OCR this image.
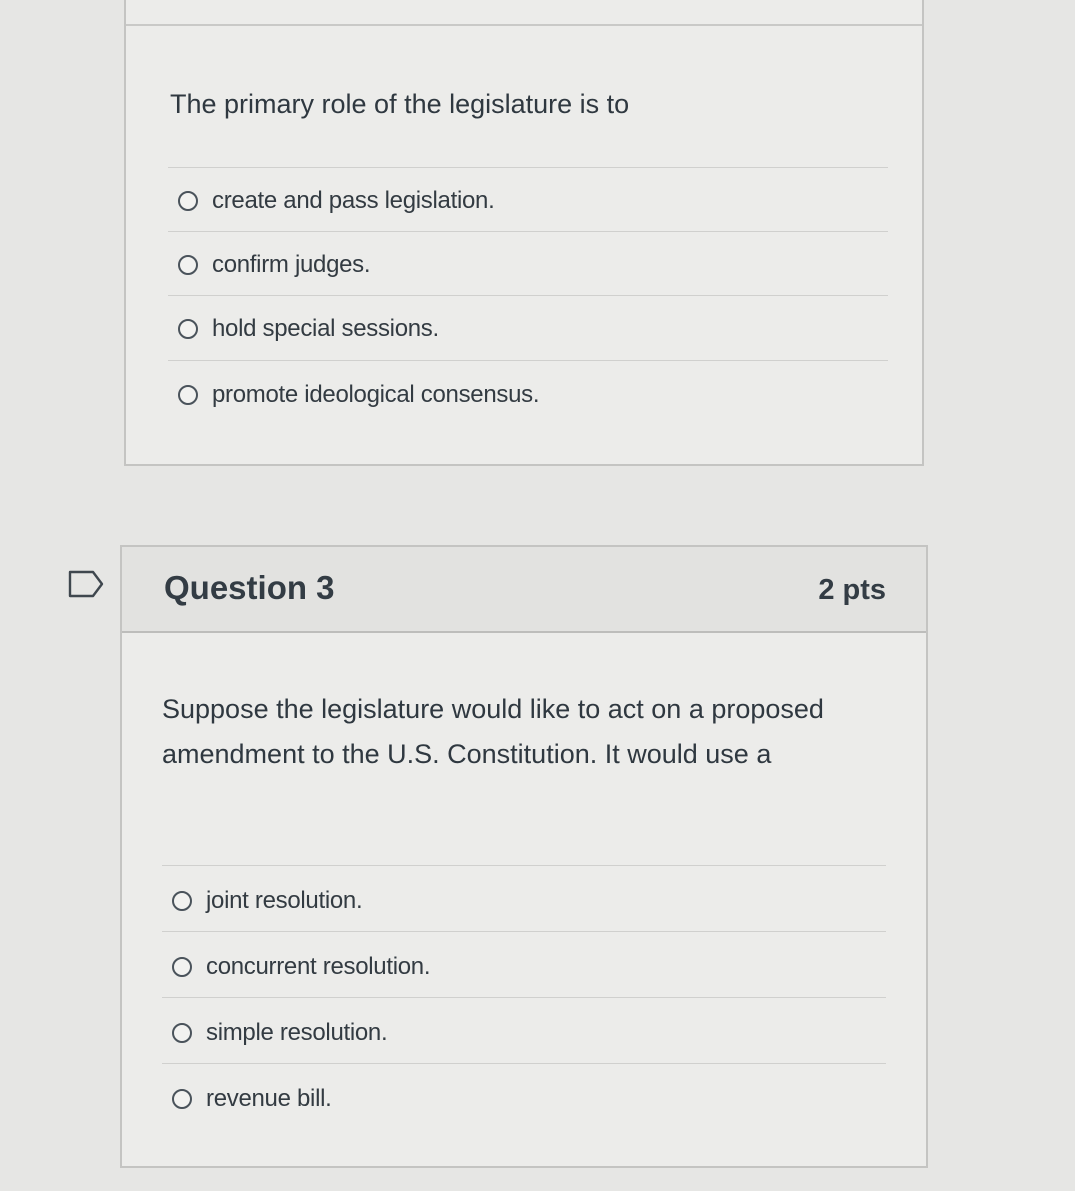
The primary role of the legislature is to
create and pass legislation.
confirm judges.
hold special sessions.
promote ideological consensus.
Question 3	2 pts
Suppose the legislature would like to act on a proposed amendment to the U.S. Constitution. It would use a
joint resolution.
concurrent resolution.
simple resolution.
revenue bill.
